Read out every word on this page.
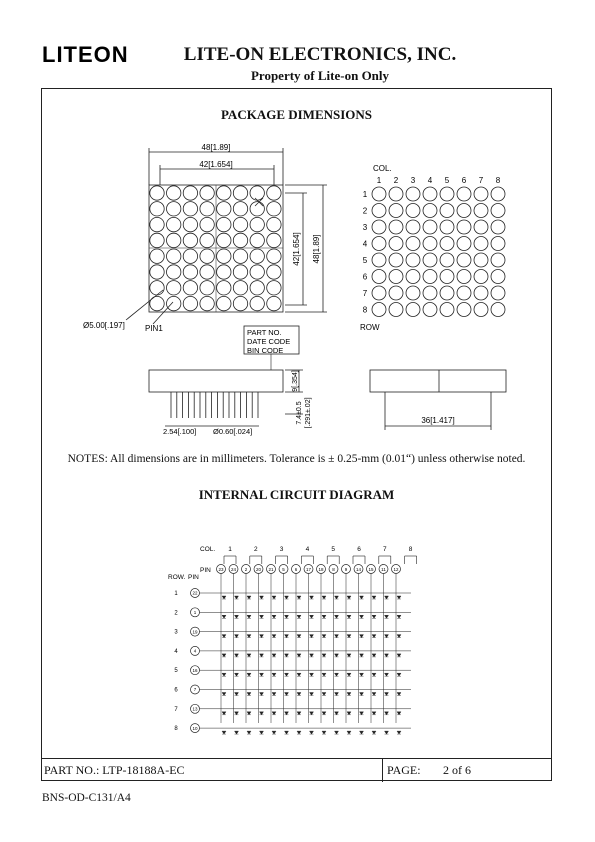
LITEON	LITE-ON ELECTRONICS, INC.
Property of Lite-on Only
PACKAGE DIMENSIONS
48[1.89]
42[1.654]
42[1.654] 48[1.89]
Ø5.00[.197]	PIN1
COL.
1 2 3 4 5 6 7 8
1
2
3
4
5
6
7
8
ROW
PART NO.
DATE CODE
BIN CODE
2.54[.100] Ø0.60[.024]
9[.354]
7.4±0.5 [.291±.02]	36[1.417]
NOTES: All dimensions are in millimeters. Tolerance is ± 0.25-mm (0.01“) unless otherwise noted.
INTERNAL CIRCUIT DIAGRAM
COL.
PIN
ROW. PIN
1	2	3	4	5	6	7	8
23 24 2 20 21 5 6 17 18 8 9 14 15 11 12
1	22
2	1
3	19
4	4
5	16
6	7
7	13
8	10
PART NO.: LTP-18188A-EC	PAGE: 2 of 6
BNS-OD-C131/A4
